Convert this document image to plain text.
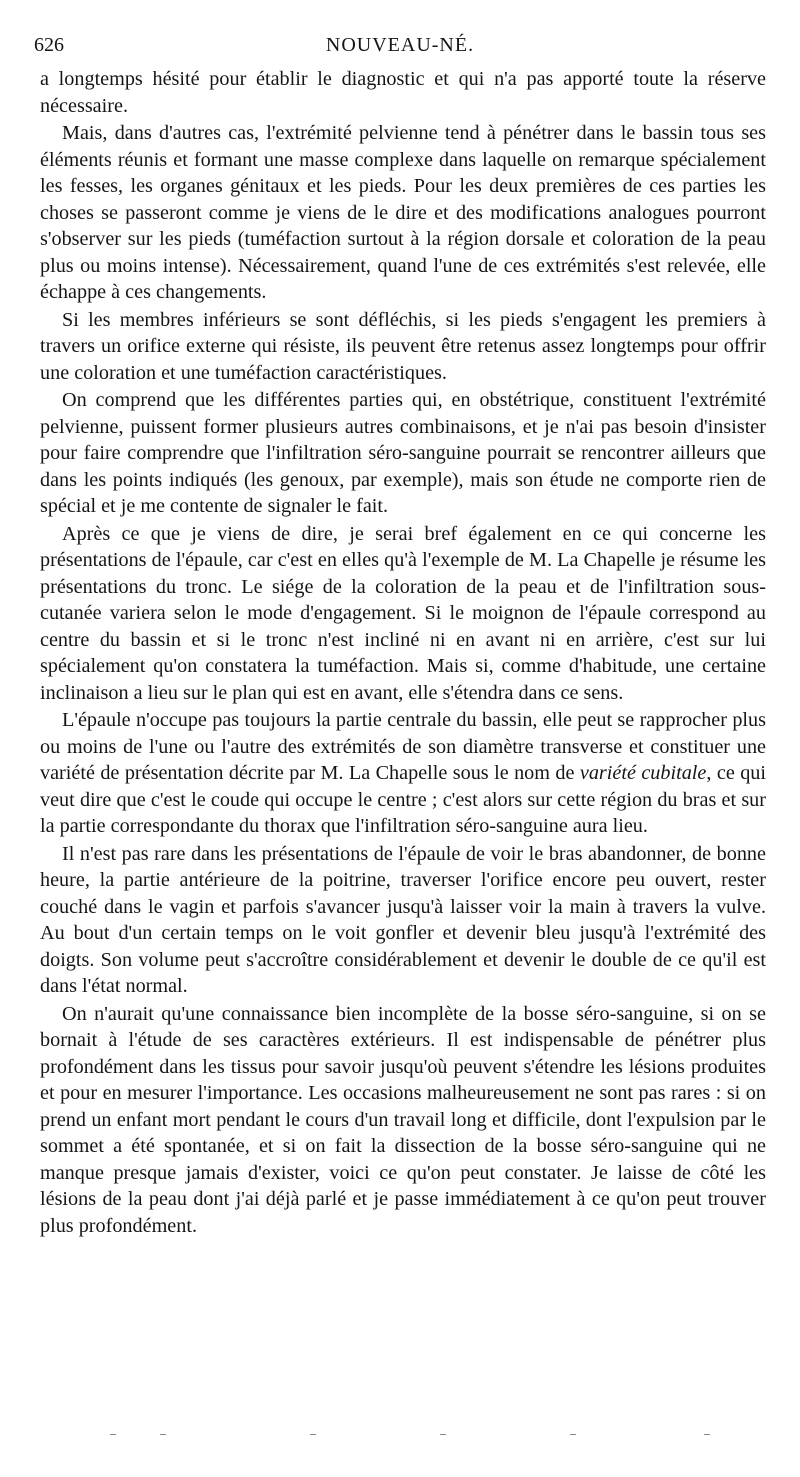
626	NOUVEAU-NÉ.

a longtemps hésité pour établir le diagnostic et qui n'a pas apporté toute la réserve nécessaire.

Mais, dans d'autres cas, l'extrémité pelvienne tend à pénétrer dans le bassin tous ses éléments réunis et formant une masse complexe dans laquelle on remarque spécialement les fesses, les organes génitaux et les pieds. Pour les deux premières de ces parties les choses se passeront comme je viens de le dire et des modifications analogues pourront s'observer sur les pieds (tuméfaction surtout à la région dorsale et coloration de la peau plus ou moins intense). Nécessairement, quand l'une de ces extrémités s'est relevée, elle échappe à ces changements.

Si les membres inférieurs se sont défléchis, si les pieds s'engagent les premiers à travers un orifice externe qui résiste, ils peuvent être retenus assez longtemps pour offrir une coloration et une tuméfaction caractéristiques.

On comprend que les différentes parties qui, en obstétrique, constituent l'extrémité pelvienne, puissent former plusieurs autres combinaisons, et je n'ai pas besoin d'insister pour faire comprendre que l'infiltration séro-sanguine pourrait se rencontrer ailleurs que dans les points indiqués (les genoux, par exemple), mais son étude ne comporte rien de spécial et je me contente de signaler le fait.

Après ce que je viens de dire, je serai bref également en ce qui concerne les présentations de l'épaule, car c'est en elles qu'à l'exemple de M. La Chapelle je résume les présentations du tronc. Le siége de la coloration de la peau et de l'infiltration sous-cutanée variera selon le mode d'engagement. Si le moignon de l'épaule correspond au centre du bassin et si le tronc n'est incliné ni en avant ni en arrière, c'est sur lui spécialement qu'on constatera la tuméfaction. Mais si, comme d'habitude, une certaine inclinaison a lieu sur le plan qui est en avant, elle s'étendra dans ce sens.

L'épaule n'occupe pas toujours la partie centrale du bassin, elle peut se rapprocher plus ou moins de l'une ou l'autre des extrémités de son diamètre transverse et constituer une variété de présentation décrite par M. La Chapelle sous le nom de variété cubitale, ce qui veut dire que c'est le coude qui occupe le centre ; c'est alors sur cette région du bras et sur la partie correspondante du thorax que l'infiltration séro-sanguine aura lieu.

Il n'est pas rare dans les présentations de l'épaule de voir le bras abandonner, de bonne heure, la partie antérieure de la poitrine, traverser l'orifice encore peu ouvert, rester couché dans le vagin et parfois s'avancer jusqu'à laisser voir la main à travers la vulve. Au bout d'un certain temps on le voit gonfler et devenir bleu jusqu'à l'extrémité des doigts. Son volume peut s'accroître considérablement et devenir le double de ce qu'il est dans l'état normal.

On n'aurait qu'une connaissance bien incomplète de la bosse séro-sanguine, si on se bornait à l'étude de ses caractères extérieurs. Il est indispensable de pénétrer plus profondément dans les tissus pour savoir jusqu'où peuvent s'étendre les lésions produites et pour en mesurer l'importance. Les occasions malheureusement ne sont pas rares : si on prend un enfant mort pendant le cours d'un travail long et difficile, dont l'expulsion par le sommet a été spontanée, et si on fait la dissection de la bosse séro-sanguine qui ne manque presque jamais d'exister, voici ce qu'on peut constater. Je laisse de côté les lésions de la peau dont j'ai déjà parlé et je passe immédiatement à ce qu'on peut trouver plus profondément.
